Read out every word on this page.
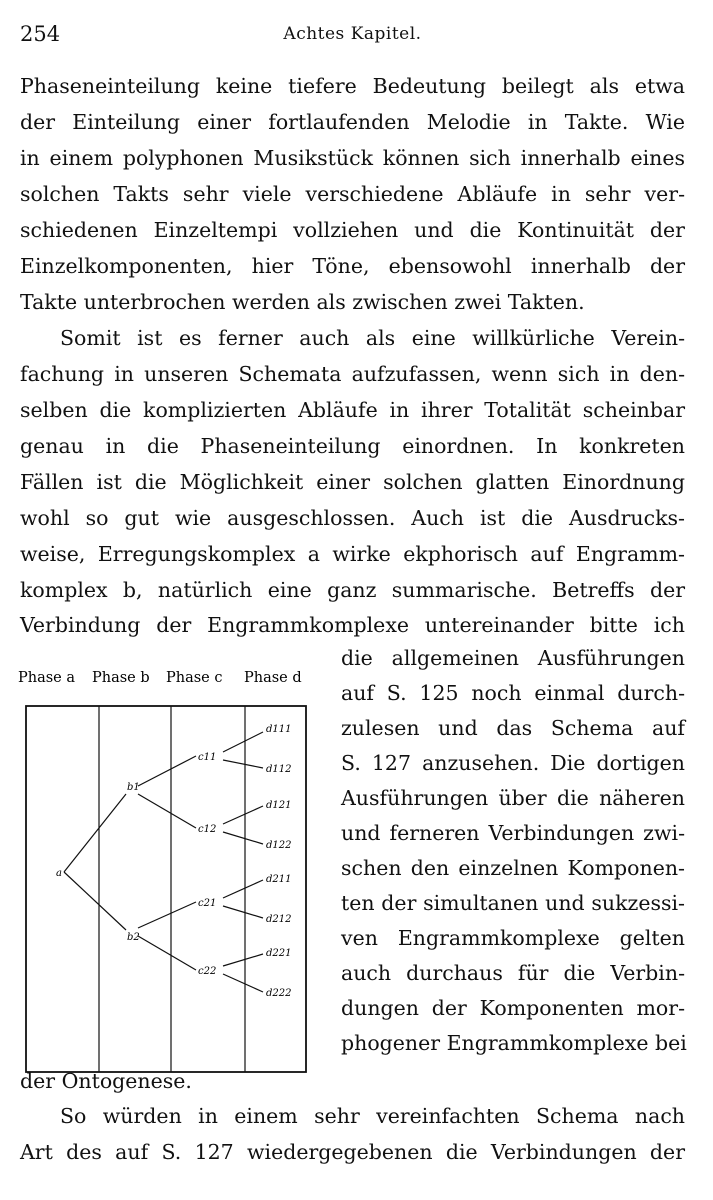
254	Achtes Kapitel.
Phaseneinteilung keine tiefere Bedeutung beilegt als etwa
der Einteilung einer fortlaufenden Melodie in Takte. Wie
in einem polyphonen Musikstück können sich innerhalb eines
solchen Takts sehr viele verschiedene Abläufe in sehr ver-
schiedenen Einzeltempi vollziehen und die Kontinuität der
Einzelkomponenten, hier Töne, ebensowohl innerhalb der
Takte unterbrochen werden als zwischen zwei Takten.
Somit ist es ferner auch als eine willkürliche Verein-
fachung in unseren Schemata aufzufassen, wenn sich in den-
selben die komplizierten Abläufe in ihrer Totalität scheinbar
genau in die Phaseneinteilung einordnen. In konkreten
Fällen ist die Möglichkeit einer solchen glatten Einordnung
wohl so gut wie ausgeschlossen. Auch ist die Ausdrucks-
weise, Erregungskomplex a wirke ekphorisch auf Engramm-
komplex b, natürlich eine ganz summarische. Betreffs der
Verbindung der Engrammkomplexe untereinander bitte ich
die allgemeinen Ausführungen
auf S. 125 noch einmal durch-
zulesen und das Schema auf
S. 127 anzusehen. Die dortigen
Ausführungen über die näheren
und ferneren Verbindungen zwi-
schen den einzelnen Komponen-
ten der simultanen und sukzessi-
ven Engrammkomplexe gelten
auch durchaus für die Verbin-
dungen der Komponenten mor-
phogener Engrammkomplexe bei
Phase a Phase b Phase c Phase d
a
b1
b2
c11
c12
c21
c22
d111
d112
d121
d122
d211
d212
d221
d222
der Ontogenese.
So würden in einem sehr vereinfachten Schema nach
Art des auf S. 127 wiedergegebenen die Verbindungen der
